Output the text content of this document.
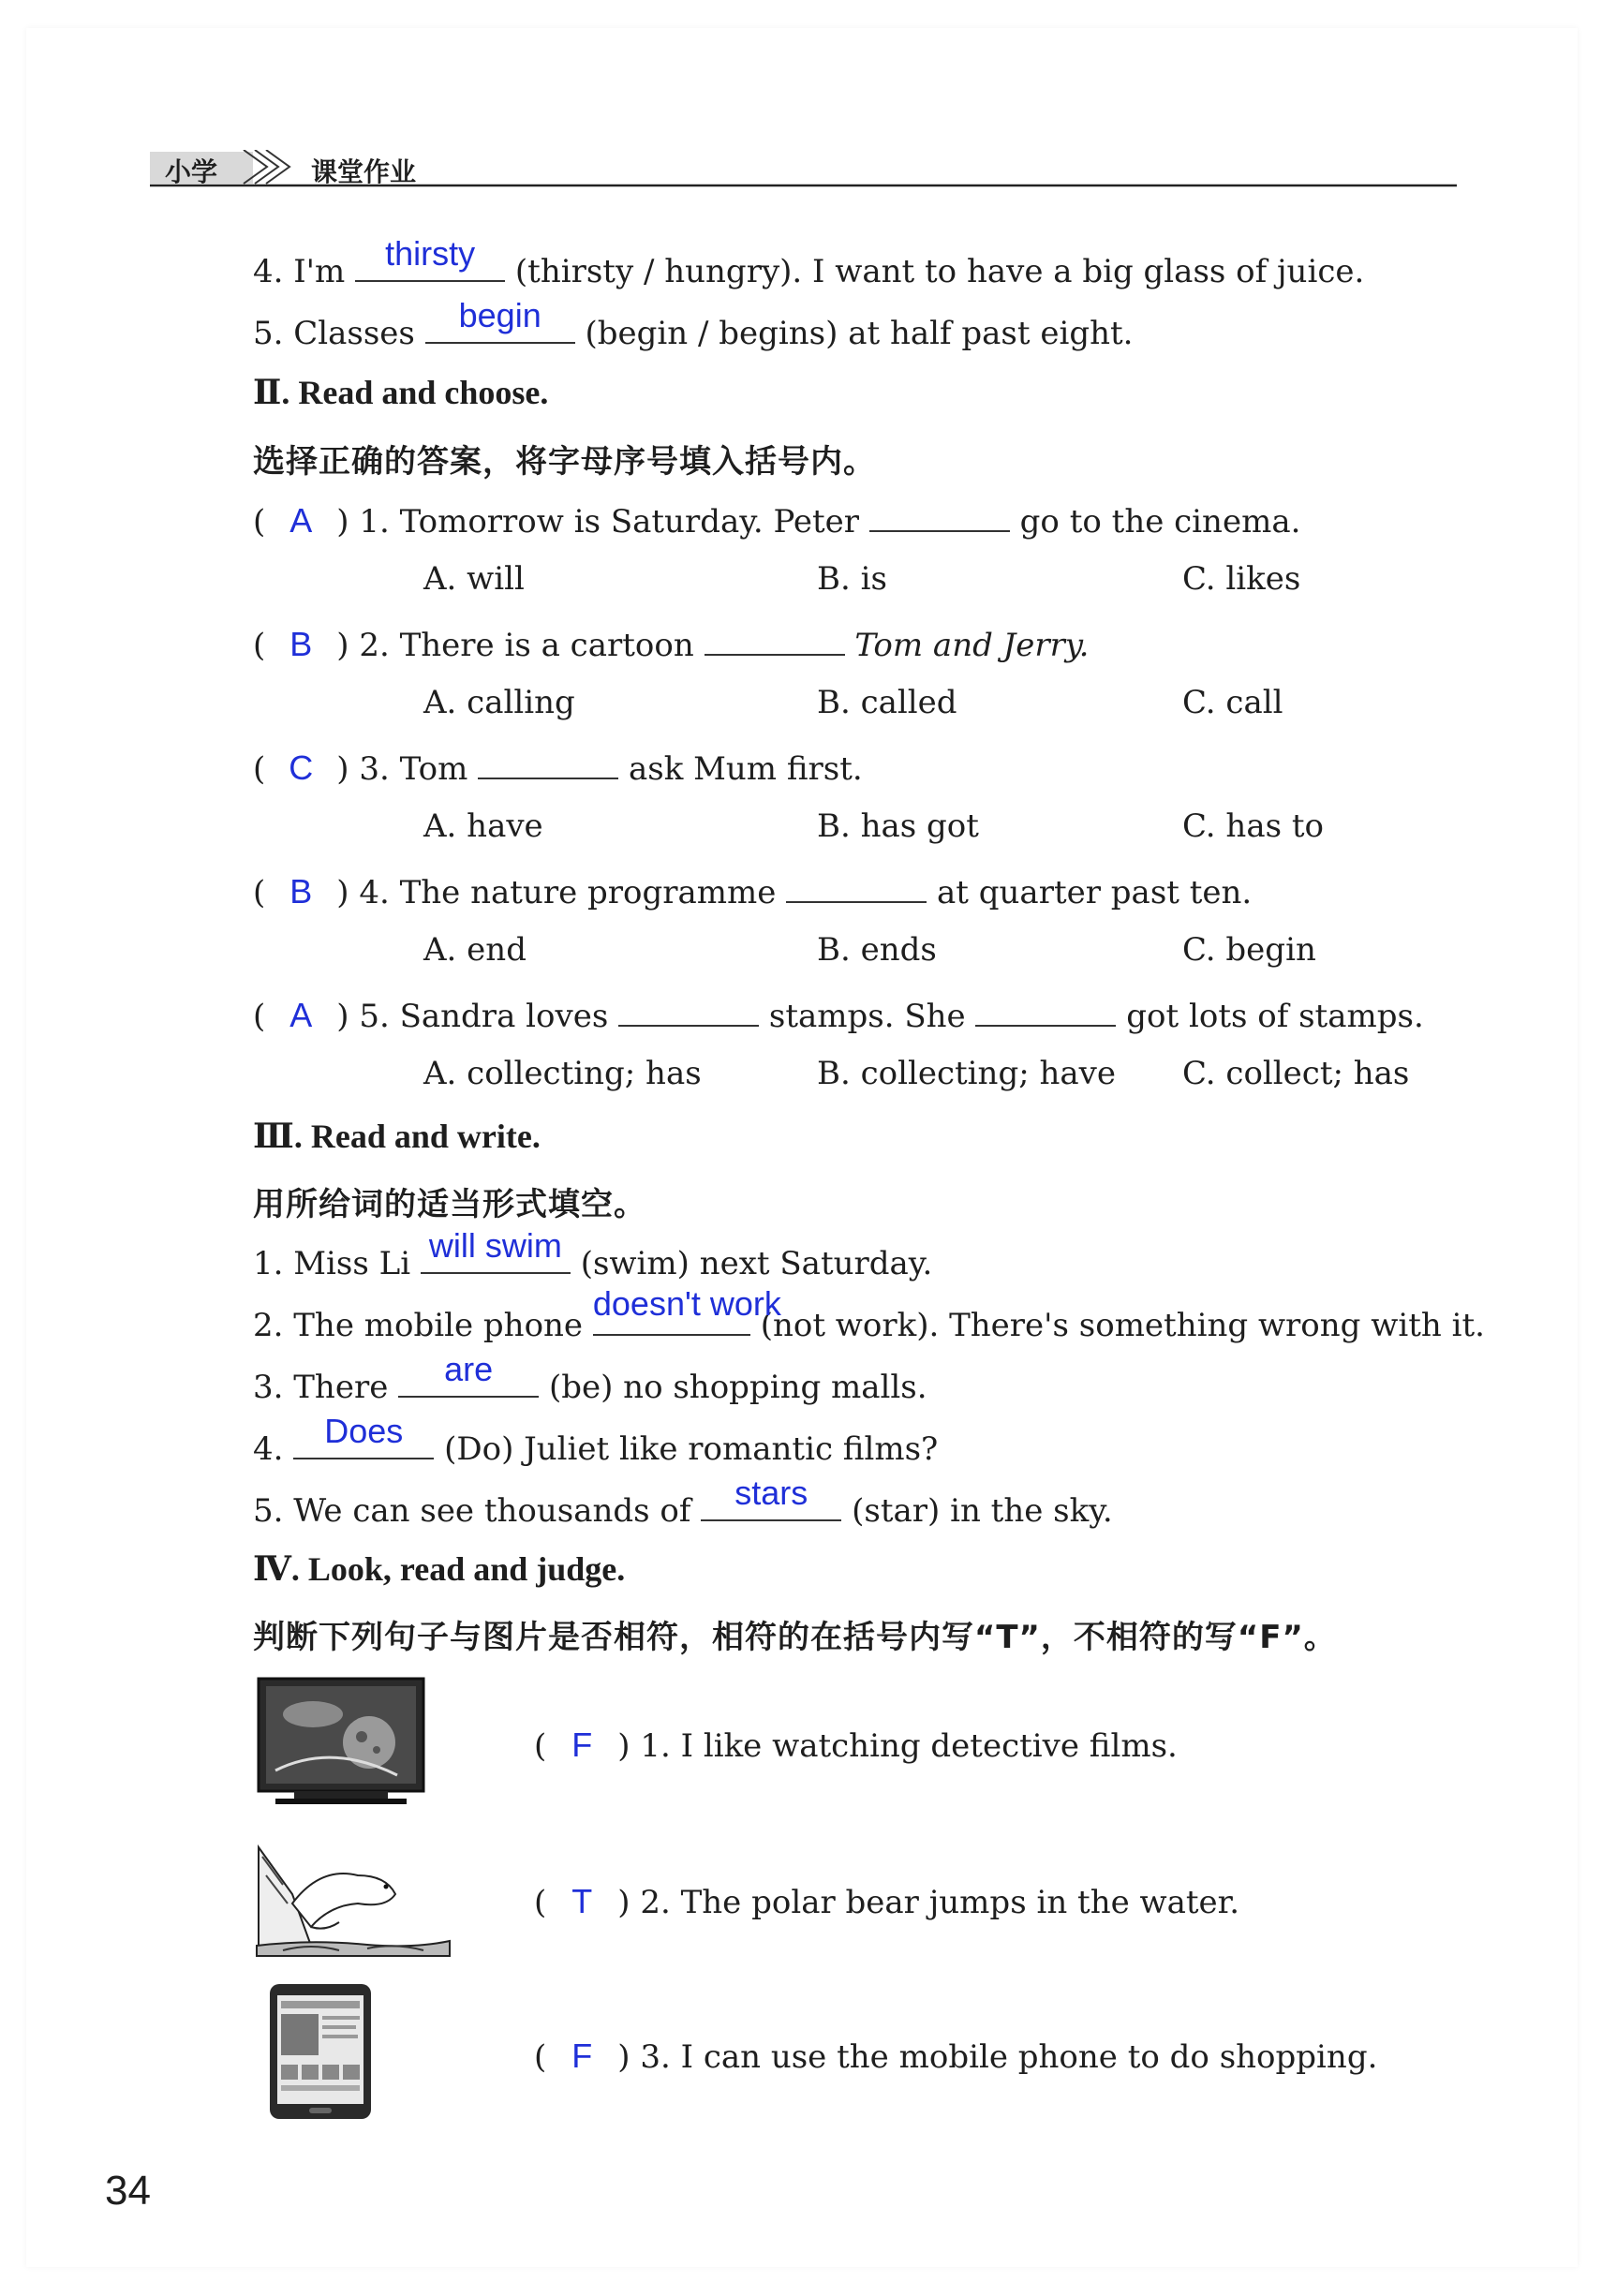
小学	课堂作业
4. I'm	thirsty	(thirsty / hungry). I want to have a big glass of juice.
5. Classes	begin	(begin / begins) at half past eight.
Ⅱ. Read and choose.
选择正确的答案，将字母序号填入括号内。
( A ) 1. Tomorrow is Saturday. Peter	go to the cinema.
A. will	B. is	C. likes
( B ) 2. There is a cartoon	Tom and Jerry.
A. calling	B. called	C. call
( C ) 3. Tom	ask Mum first.
A. have	B. has got	C. has to
( B ) 4. The nature programme	at quarter past ten.
A. end	B. ends	C. begin
( A ) 5. Sandra loves	stamps. She	got lots of stamps.
A. collecting; has	B. collecting; have C. collect; has
Ⅲ. Read and write.
用所给词的适当形式填空。
1. Miss Li will swim (swim) next Saturday.
2. The mobile phone
doesn't work
(not work). There's something wrong with it.
3. There	are	(be) no shopping malls.
4.	Does	(Do) Juliet like romantic films?
5. We can see thousands of	stars	(star) in the sky.
Ⅳ. Look, read and judge.
判断下列句子与图片是否相符，相符的在括号内写“T”，不相符的写“F”。
( F ) 1. I like watching detective films.
( T ) 2. The polar bear jumps in the water.
( F ) 3. I can use the mobile phone to do shopping.
34
